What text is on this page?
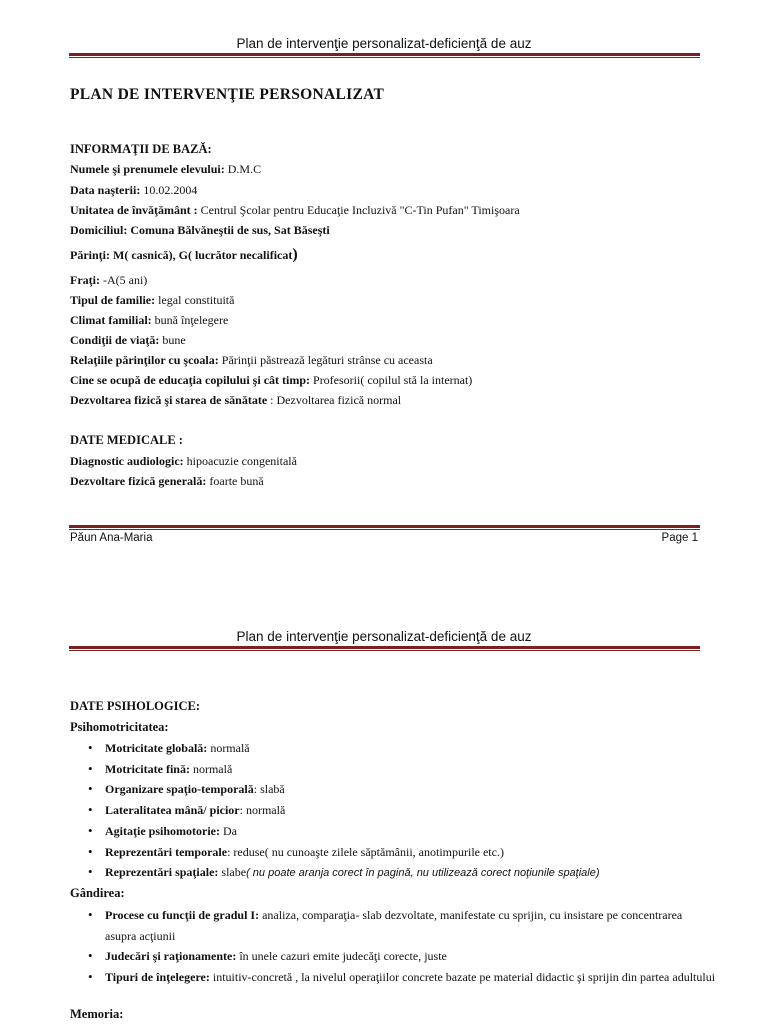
Plan de intervenţie personalizat-deficienţă de auz
PLAN DE INTERVENŢIE PERSONALIZAT
INFORMAŢII DE BAZĂ:
Numele şi prenumele elevului: D.M.C
Data naşterii: 10.02.2004
Unitatea de învăţământ : Centrul Şcolar pentru Educaţie Incluzivă "C-Tin Pufan" Timişoara
Domiciliul: Comuna Bălvăneştii de sus, Sat Băseşti
Părinţi: M( casnică), G( lucrător necalificat)
Fraţi: -A(5 ani)
Tipul de familie: legal constituită
Climat familial: bună înţelegere
Condiţii de viaţă: bune
Relaţiile părinţilor cu şcoala: Părinţii păstrează legături strânse cu aceasta
Cine se ocupă de educaţia copilului şi cât timp: Profesorii( copilul stă la internat)
Dezvoltarea fizică şi starea de sănătate : Dezvoltarea fizică normal
DATE MEDICALE :
Diagnostic audiologic: hipoacuzie congenitală
Dezvoltare fizică generală: foarte bună
Păun Ana-Maria	Page 1
Plan de intervenţie personalizat-deficienţă de auz
DATE PSIHOLOGICE:
Psihomotricitatea:
• Motricitate globală: normală
• Motricitate fină: normală
• Organizare spaţio-temporală: slabă
• Lateralitatea mână/ picior: normală
• Agitaţie psihomotorie: Da
• Reprezentări temporale: reduse( nu cunoaşte zilele săptămânii, anotimpurile etc.)
• Reprezentări spaţiale: slabe( nu poate aranja corect în pagină, nu utilizează corect noţiunile spaţiale)
Gândirea:
• Procese cu funcţii de gradul I: analiza, comparaţia- slab dezvoltate, manifestate cu sprijin, cu insistare pe concentrarea asupra acţiunii
• Judecări şi raţionamente: în unele cazuri emite judecăţi corecte, juste
• Tipuri de înţelegere: intuitiv-concretă , la nivelul operaţiilor concrete bazate pe material didactic şi sprijin din partea adultului
Memoria:
